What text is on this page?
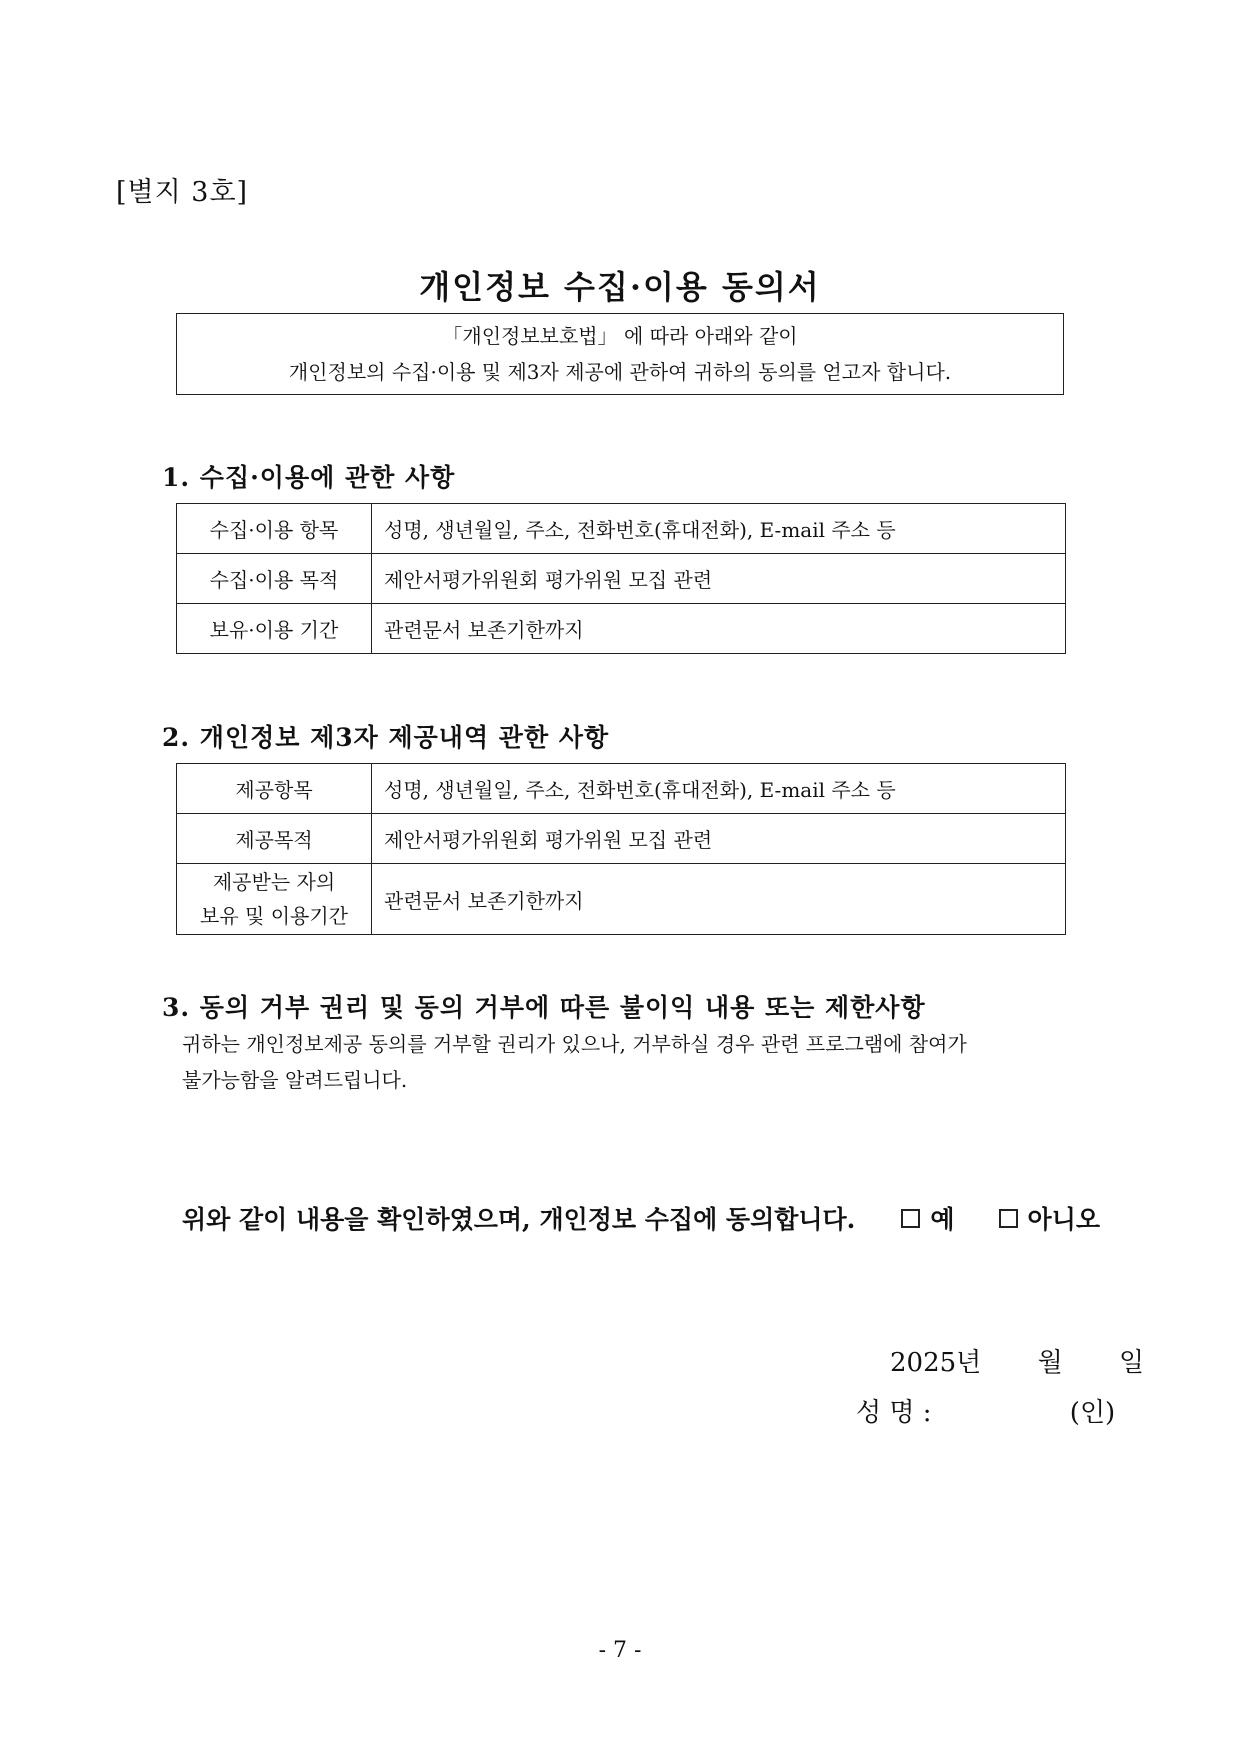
[별지 3호]
개인정보 수집·이용 동의서
「개인정보보호법」 에 따라 아래와 같이
개인정보의 수집·이용 및 제3자 제공에 관하여 귀하의 동의를 얻고자 합니다.
1. 수집·이용에 관한 사항
수집·이용 항목	성명, 생년월일, 주소, 전화번호(휴대전화), E-mail 주소 등
수집·이용 목적	제안서평가위원회 평가위원 모집 관련
보유·이용 기간	관련문서 보존기한까지
2. 개인정보 제3자 제공내역 관한 사항
제공항목	성명, 생년월일, 주소, 전화번호(휴대전화), E-mail 주소 등
제공목적	제안서평가위원회 평가위원 모집 관련

제공받는 자의
보유 및 이용기간	관련문서 보존기한까지
3. 동의 거부 권리 및 동의 거부에 따른 불이익 내용 또는 제한사항
귀하는 개인정보제공 동의를 거부할 권리가 있으나, 거부하실 경우 관련 프로그램에 참여가
불가능함을 알려드립니다.
위와 같이 내용을 확인하였으며, 개인정보 수집에 동의합니다.	예	아니오
2025년 월 일
성 명 :	(인)
- 7 -
